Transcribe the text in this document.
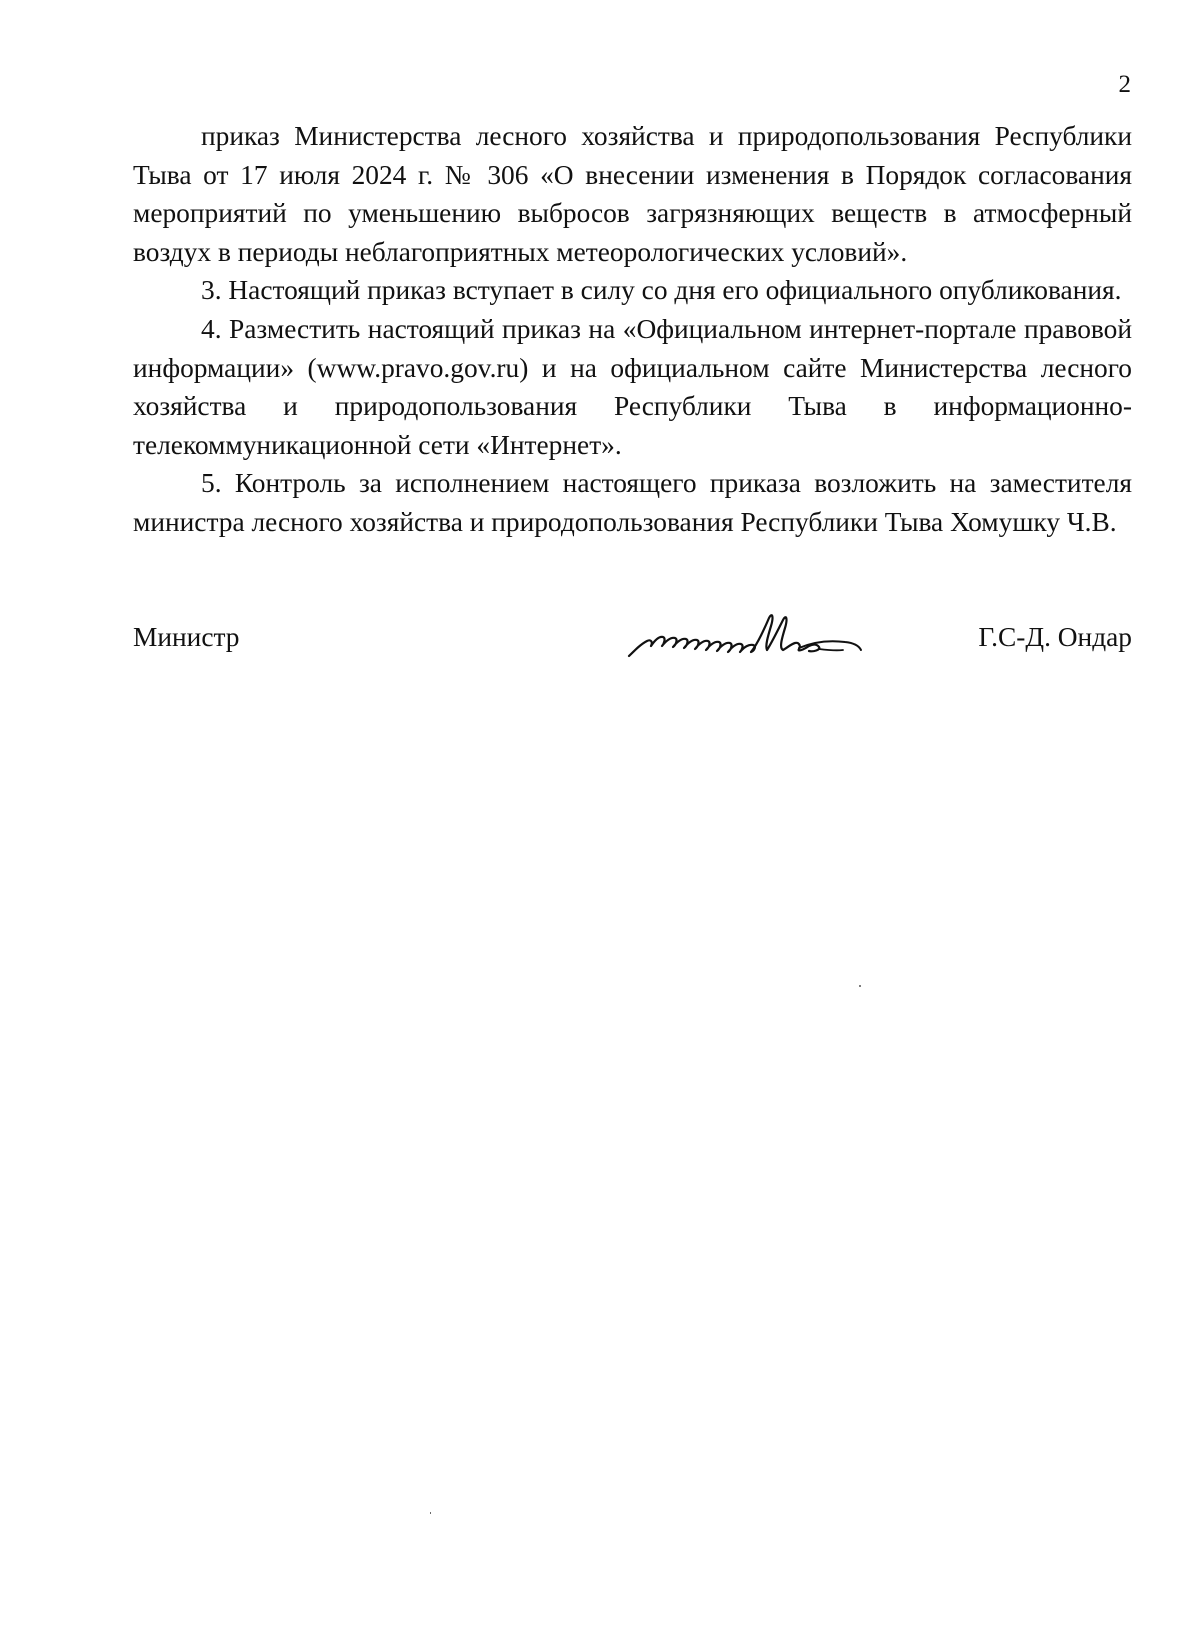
2

приказ Министерства лесного хозяйства и природопользования Республики Тыва от 17 июля 2024 г. № 306 «О внесении изменения в Порядок согласования мероприятий по уменьшению выбросов загрязняющих веществ в атмосферный воздух в периоды неблагоприятных метеорологических условий».

3. Настоящий приказ вступает в силу со дня его официального опубликования.

4. Разместить настоящий приказ на «Официальном интернет-портале правовой информации» (www.pravo.gov.ru) и на официальном сайте Министерства лесного хозяйства и природопользования Республики Тыва в информационно-телекоммуникационной сети «Интернет».

5. Контроль за исполнением настоящего приказа возложить на заместителя министра лесного хозяйства и природопользования Республики Тыва Хомушку Ч.В.

Министр	Г.С-Д. Ондар
